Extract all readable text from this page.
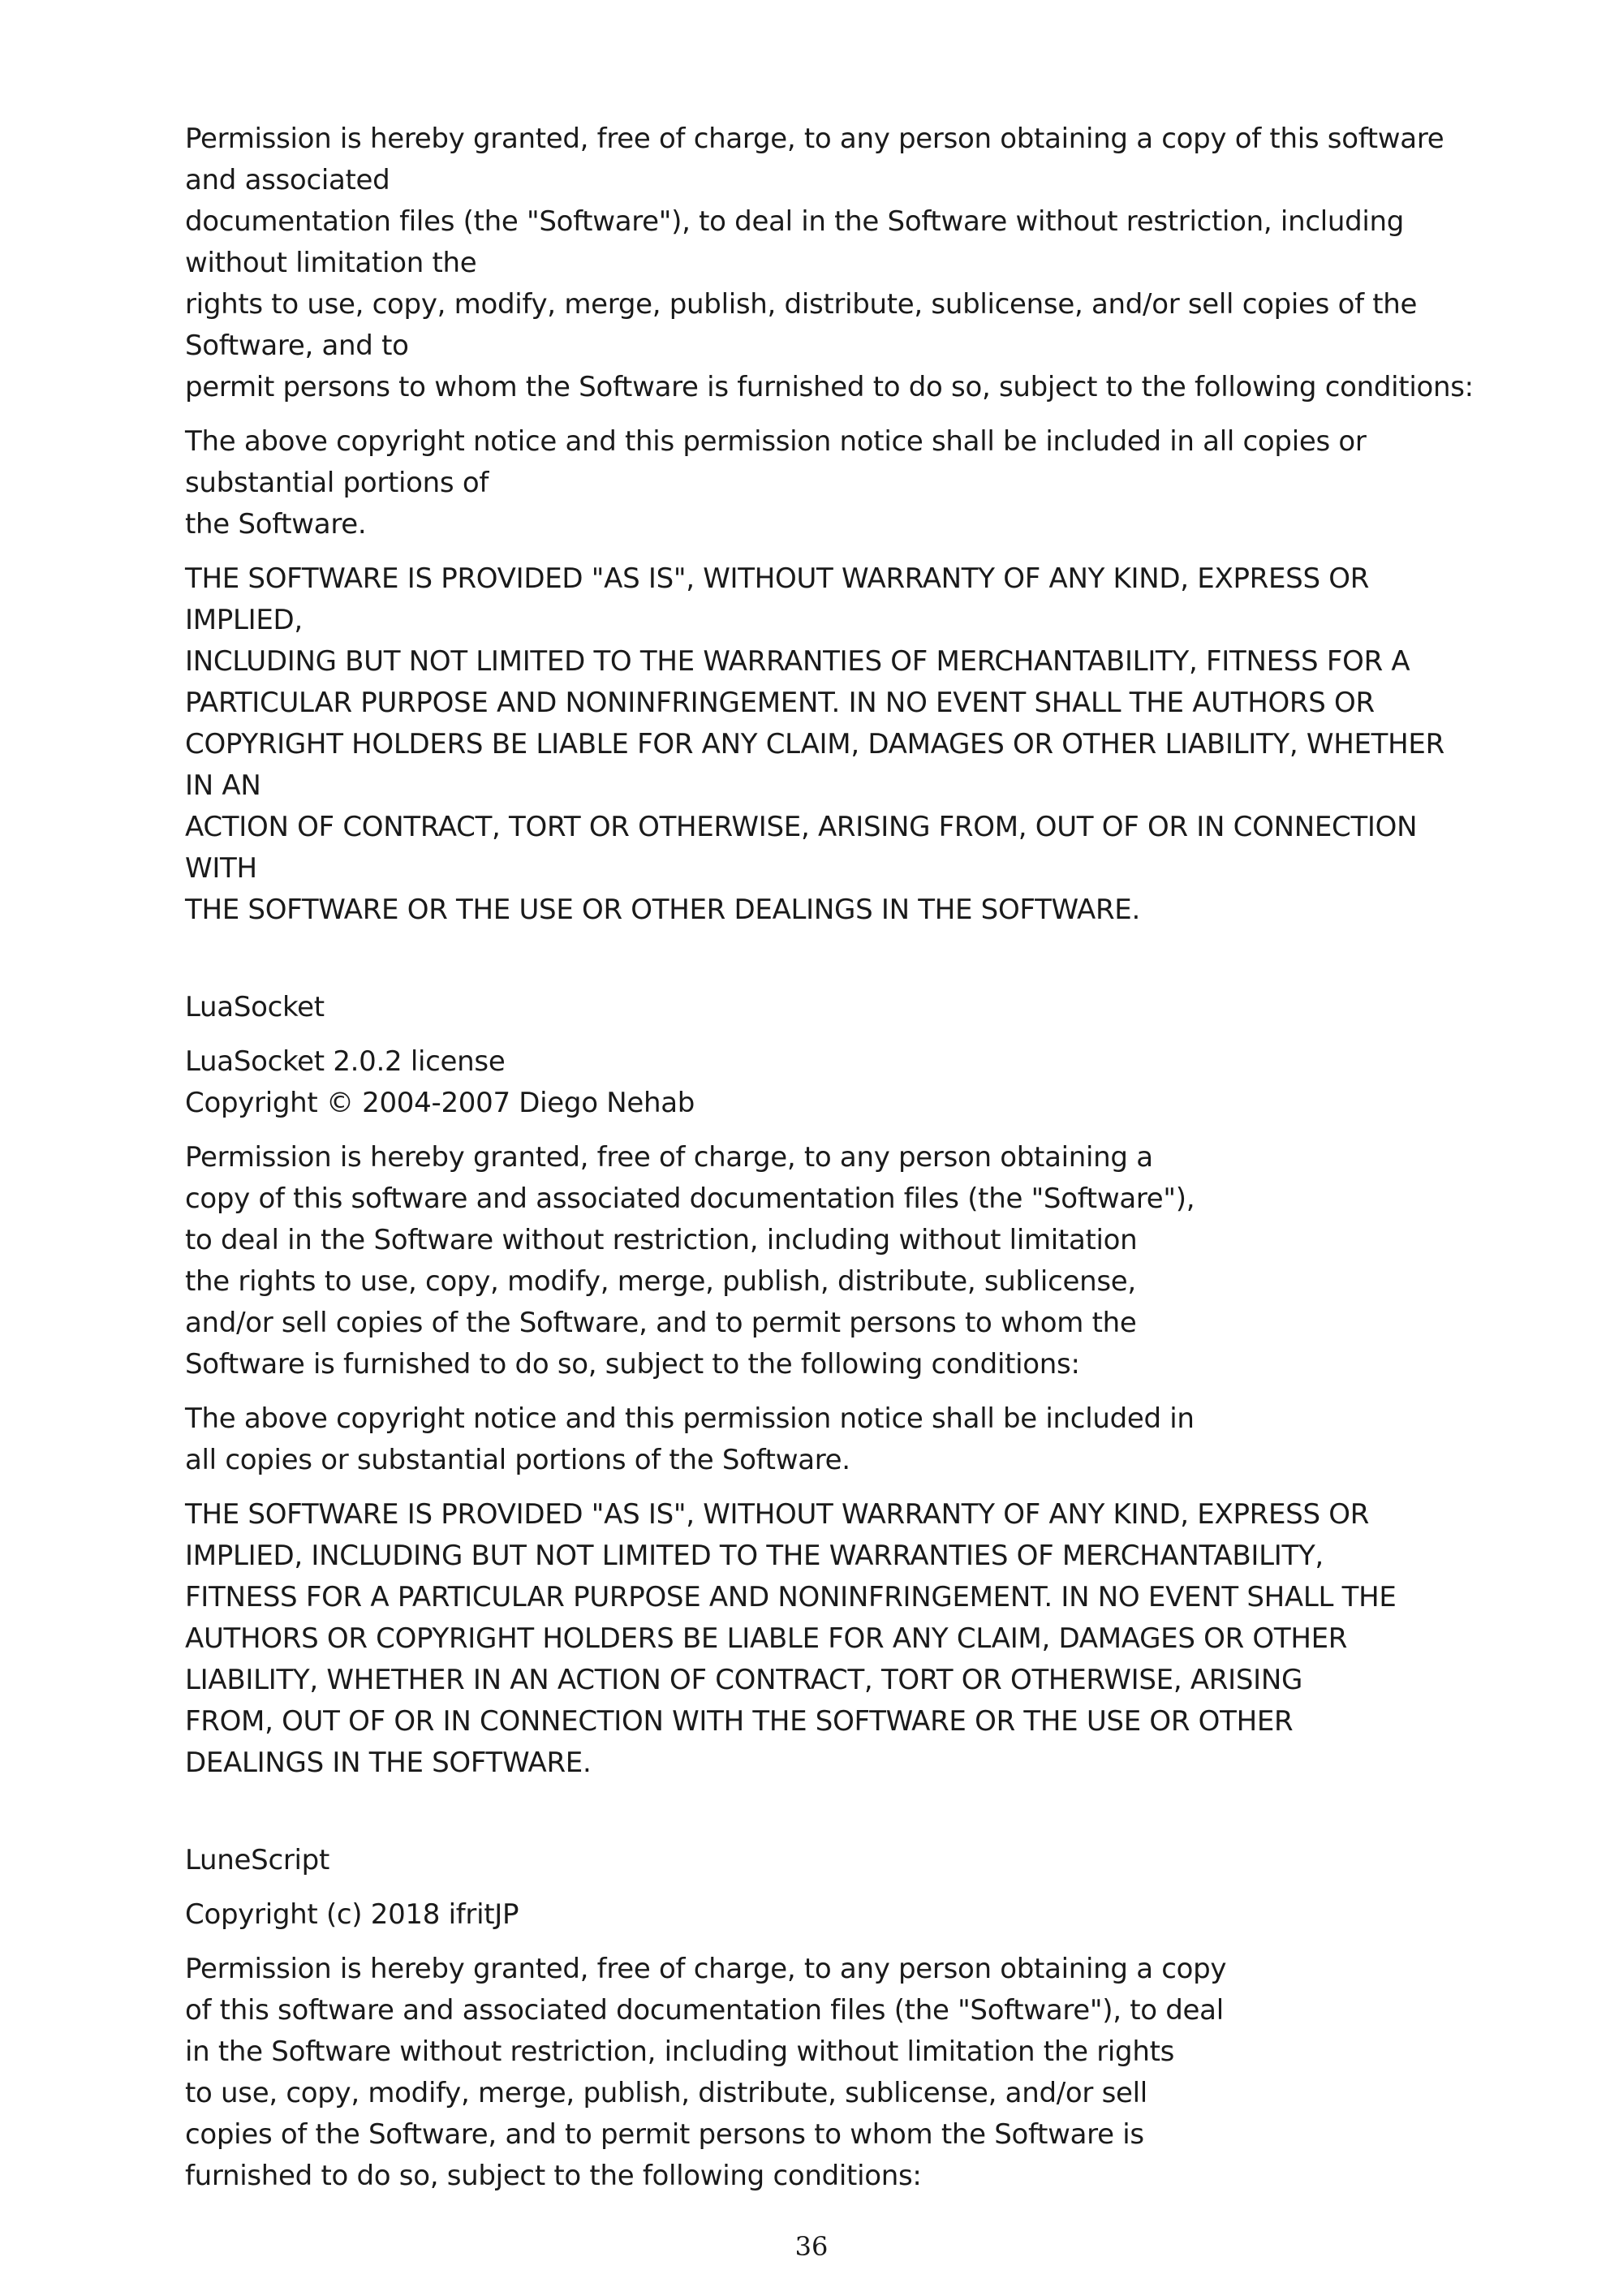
Permission is hereby granted, free of charge, to any person obtaining a copy of this software
and associated
documentation files (the "Software"), to deal in the Software without restriction, including
without limitation the
rights to use, copy, modify, merge, publish, distribute, sublicense, and/or sell copies of the
Software, and to
permit persons to whom the Software is furnished to do so, subject to the following conditions:
The above copyright notice and this permission notice shall be included in all copies or
substantial portions of
the Software.
THE SOFTWARE IS PROVIDED "AS IS", WITHOUT WARRANTY OF ANY KIND, EXPRESS OR
IMPLIED,
INCLUDING BUT NOT LIMITED TO THE WARRANTIES OF MERCHANTABILITY, FITNESS FOR A
PARTICULAR PURPOSE AND NONINFRINGEMENT. IN NO EVENT SHALL THE AUTHORS OR
COPYRIGHT HOLDERS BE LIABLE FOR ANY CLAIM, DAMAGES OR OTHER LIABILITY, WHETHER
IN AN
ACTION OF CONTRACT, TORT OR OTHERWISE, ARISING FROM, OUT OF OR IN CONNECTION
WITH
THE SOFTWARE OR THE USE OR OTHER DEALINGS IN THE SOFTWARE.
LuaSocket
LuaSocket 2.0.2 license
Copyright © 2004-2007 Diego Nehab
Permission is hereby granted, free of charge, to any person obtaining a
copy of this software and associated documentation files (the "Software"),
to deal in the Software without restriction, including without limitation
the rights to use, copy, modify, merge, publish, distribute, sublicense,
and/or sell copies of the Software, and to permit persons to whom the
Software is furnished to do so, subject to the following conditions:
The above copyright notice and this permission notice shall be included in
all copies or substantial portions of the Software.
THE SOFTWARE IS PROVIDED "AS IS", WITHOUT WARRANTY OF ANY KIND, EXPRESS OR
IMPLIED, INCLUDING BUT NOT LIMITED TO THE WARRANTIES OF MERCHANTABILITY,
FITNESS FOR A PARTICULAR PURPOSE AND NONINFRINGEMENT. IN NO EVENT SHALL THE
AUTHORS OR COPYRIGHT HOLDERS BE LIABLE FOR ANY CLAIM, DAMAGES OR OTHER
LIABILITY, WHETHER IN AN ACTION OF CONTRACT, TORT OR OTHERWISE, ARISING
FROM, OUT OF OR IN CONNECTION WITH THE SOFTWARE OR THE USE OR OTHER
DEALINGS IN THE SOFTWARE.
LuneScript
Copyright (c) 2018 ifritJP
Permission is hereby granted, free of charge, to any person obtaining a copy
of this software and associated documentation files (the "Software"), to deal
in the Software without restriction, including without limitation the rights
to use, copy, modify, merge, publish, distribute, sublicense, and/or sell
copies of the Software, and to permit persons to whom the Software is
furnished to do so, subject to the following conditions:
36
